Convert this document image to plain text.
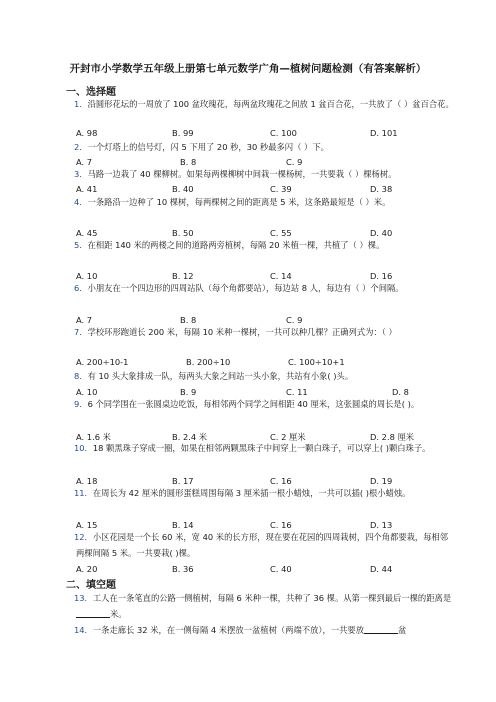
开封市小学数学五年级上册第七单元数学广角—植树问题检测（有答案解析）
一、选择题
1．沿圆形花坛的一周放了 100 盆玫瑰花，每两盆玫瑰花之间放 1 盆百合花，一共放了（ ）盆百合花。
A. 98	B. 99	C. 100	D. 101
2．一个灯塔上的信号灯，闪 5 下用了 20 秒，30 秒最多闪（ ）下。
A. 7	B. 8	C. 9
3．马路一边栽了 40 棵柳树。如果每两棵柳树中间栽一棵杨树，一共要栽（ ）棵杨树。
A. 41	B. 40	C. 39	D. 38
4．一条路沿一边种了 10 棵树，每两棵树之间的距离是 5 米，这条路最短是（ ）米。
A. 45	B. 50	C. 55	D. 40
5．在相距 140 米的两楼之间的道路两旁植树，每隔 20 米植一棵，共植了（ ）棵。
A. 10	B. 12	C. 14	D. 16
6．小朋友在一个四边形的四周站队（每个角都要站），每边站 8 人，每边有（ ）个间隔。
A. 7	B. 8	C. 9
7．学校环形跑道长 200 米，每隔 10 米种一棵树，一共可以种几棵？正确列式为：（ ）
A. 200÷10-1	B. 200÷10	C. 100÷10+1
8．有 10 头大象排成一队，每两头大象之间站一头小象，共站有小象( )头。
A. 10	B. 9	C. 11	D. 8
9．6 个同学围在一张圆桌边吃饭，每相邻两个同学之间相距 40 厘米，这张圆桌的周长是( )。
A. 1.6 米	B. 2.4 米	C. 2 厘米	D. 2.8 厘米
10．18 颗黑珠子穿成一圈，如果在相邻两颗黑珠子中间穿上一颗白珠子，可以穿上( )颗白珠子。
A. 18	B. 17	C. 16	D. 19
11．在周长为 42 厘米的圆形蛋糕周围每隔 3 厘米插一根小蜡烛，一共可以插( )根小蜡烛。
A. 15	B. 14	C. 16	D. 13
12．小区花园是一个长 60 米，宽 40 米的长方形，现在要在花园的四周栽树，四个角都要栽，每相邻两棵间隔 5 米。一共要栽( )棵。
A. 20	B. 36	C. 40	D. 44
二、填空题
13．工人在一条笔直的公路一侧植树，每隔 6 米种一棵，共种了 36 棵。从第一棵到最后一棵的距离是米。
14．一条走廊长 32 米，在一侧每隔 4 米摆放一盆植树（两端不放），一共要放	盆
